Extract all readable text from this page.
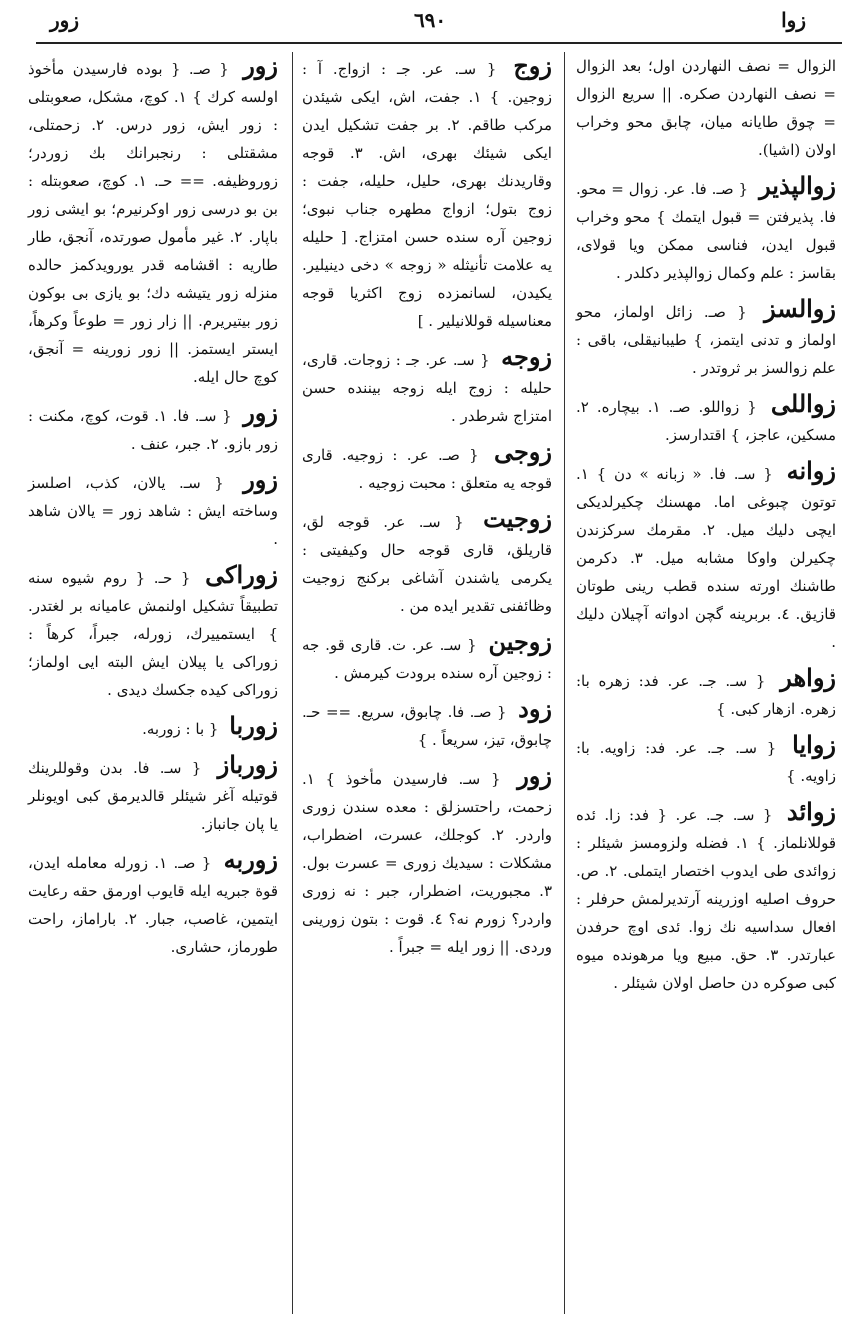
زوا
٦٩٠
زور
الزوال = نصف النهاردن اول؛ بعد الزوال = نصف النهاردن صكره. || سريع الزوال = چوق طايانه ميان، چابق محو وخراب اولان (اشيا).
زوالپذير { صـ. فا. عر. زوال = محو. فا. پذيرفتن = قبول ايتمك } محو وخراب قبول ايدن، فناسى ممكن ويا قولاى، بقاسز : علم وكمال زوالپذير دكلدر .
زوالسز { صـ. زائل اولماز، محو اولماز و تدنى ايتمز، } طيبانيقلى، باقى : علم زوالسز بر ثروتدر .
زواللى { زواللو. صـ. ١. بيچاره. ٢. مسكين، عاجز، } اقتدارسز.
زوانه { سـ. فا. « زبانه » دن } ١. توتون چبوغى اما. مهسنك چكيرلديكى ايچى دليك ميل. ٢. مقرمك سركزندن چكيرلن واوكا مشابه ميل. ٣. دكرمن طاشنك اورته سنده قطب رينى طوتان قازيق. ٤. بربرينه گچن ادواته آچيلان دليك .
زواهر { سـ. جـ. عر. فد: زهره با: زهره. ازهار كبى. }
زوايا { سـ. جـ. عر. فد: زاويه. با: زاويه. }
زوائد { سـ. جـ. عر. { فد: زا. ئده قوللانلماز. } ١. فضله ولزومسز شيئلر : زوائدى طى ايدوب اختصار ايتملى. ٢. ص. حروف اصليه اوزرينه آرتديرلمش حرفلر : افعال سداسيه نك زوا. ئدى اوچ حرفدن عبارتدر. ٣. حق. مبيع ويا مرهونده ميوه كبى صوكره دن حاصل اولان شيئلر .
زوج { سـ. عر. جـ : ازواج. آ : زوجين. } ١. جفت، اش، ايكى شيئدن مركب طاقم. ٢. بر جفت تشكيل ايدن ايكى شيئك بهرى، اش. ٣. قوجه وقاريدنك بهرى، حليل، حليله، جفت : زوج بتول؛ ازواج مطهره جناب نبوى؛ زوجين آره سنده حسن امتزاج. [ حليله يه علامت تأنيثله « زوجه » دخى دينيلير. يكيدن، لسانمزده زوج اكثريا قوجه معناسيله قوللانيلير . ]
زوجه { سـ. عر. جـ : زوجات. قارى، حليله : زوج ايله زوجه بيننده حسن امتزاج شرطدر .
زوجى { صـ. عر. : زوجيه. قارى قوجه يه متعلق : محبت زوجيه .
زوجيت { سـ. عر. قوجه لق، قاريلق، قارى قوجه حال وكيفيتى : يكرمى ياشندن آشاغى بركنج زوجيت وظائفنى تقدير ايده من .
زوجين { سـ. عر. ت. قارى قو. جه : زوجين آره سنده برودت كيرمش .
زود { صـ. فا. چابوق، سريع. == حـ. چابوق، تيز، سريعاً . }
زور { سـ. فارسيدن مأخوذ } ١. زحمت، راحتسزلق : معده سندن زورى واردر. ٢. كوجلك، عسرت، اضطراب، مشكلات : سيديك زورى = عسرت بول. ٣. مجبوريت، اضطرار، جبر : نه زورى واردر؟ زورم نه؟ ٤. قوت : بتون زورينى وردى. || زور ايله = جبراً .
زور { صـ. { بوده فارسيدن مأخوذ اولسه كرك } ١. كوچ، مشكل، صعوبتلى : زور ايش، زور درس. ٢. زحمتلى، مشقتلى : رنجبرانك بك زوردر؛ زوروظيفه. == حـ. ١. كوچ، صعوبتله : بن بو درسى زور اوكرنيرم؛ بو ايشى زور باپار. ٢. غير مأمول صورتده، آنجق، طار طاريه : اقشامه قدر يورويدكمز حالده منزله زور يتيشه دك؛ بو يازى بى بوكون زور بيتيريرم. || زار زور = طوعاً وكرهاً، ايستر ايستمز. || زور زورينه = آنجق، كوچ حال ايله.
زور { سـ. فا. ١. قوت، كوچ، مكنت : زور بازو. ٢. جبر، عنف .
زور { سـ. يالان، كذب، اصلسز وساخته ايش : شاهد زور = يالان شاهد .
زوراكى { حـ. { روم شيوه سنه تطبيقاً تشكيل اولنمش عاميانه بر لغتدر. } ايستمييرك، زورله، جبراً، كرهاً : زوراكى يا پيلان ايش البته ايى اولماز؛ زوراكى كيده جكسك ديدى .
زوربا { با : زوربه.
زورباز { سـ. فا. بدن وقوللرينك قوتيله آغر شيئلر قالديرمق كبى اويونلر يا پان جانباز.
زوربه { صـ. ١. زورله معامله ايدن، قوة جبريه ايله قايوب اورمق حقه رعايت ايتمين، غاصب، جبار. ٢. باراماز، راحت طورماز، حشارى.
